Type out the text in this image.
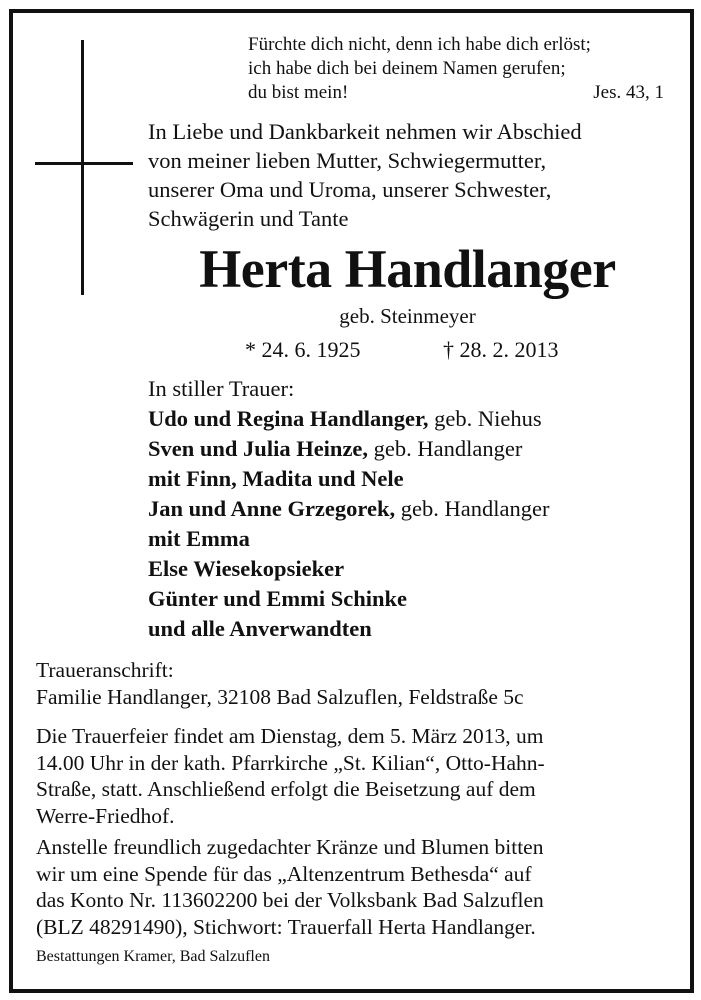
Fürchte dich nicht, denn ich habe dich erlöst;
ich habe dich bei deinem Namen gerufen;
du bist mein!	Jes. 43, 1
In Liebe und Dankbarkeit nehmen wir Abschied
von meiner lieben Mutter, Schwiegermutter,
unserer Oma und Uroma, unserer Schwester,
Schwägerin und Tante
Herta Handlanger
geb. Steinmeyer
* 24. 6. 1925	† 28. 2. 2013
In stiller Trauer:
Udo und Regina Handlanger, geb. Niehus
Sven und Julia Heinze, geb. Handlanger
mit Finn, Madita und Nele
Jan und Anne Grzegorek, geb. Handlanger
mit Emma
Else Wiesekopsieker
Günter und Emmi Schinke
und alle Anverwandten
Traueranschrift:
Familie Handlanger, 32108 Bad Salzuflen, Feldstraße 5c
Die Trauerfeier findet am Dienstag, dem 5. März 2013, um
14.00 Uhr in der kath. Pfarrkirche „St. Kilian“, Otto-Hahn-
Straße, statt. Anschließend erfolgt die Beisetzung auf dem
Werre-Friedhof.
Anstelle freundlich zugedachter Kränze und Blumen bitten
wir um eine Spende für das „Altenzentrum Bethesda“ auf
das Konto Nr. 113602200 bei der Volksbank Bad Salzuflen
(BLZ 48291490), Stichwort: Trauerfall Herta Handlanger.
Bestattungen Kramer, Bad Salzuflen
